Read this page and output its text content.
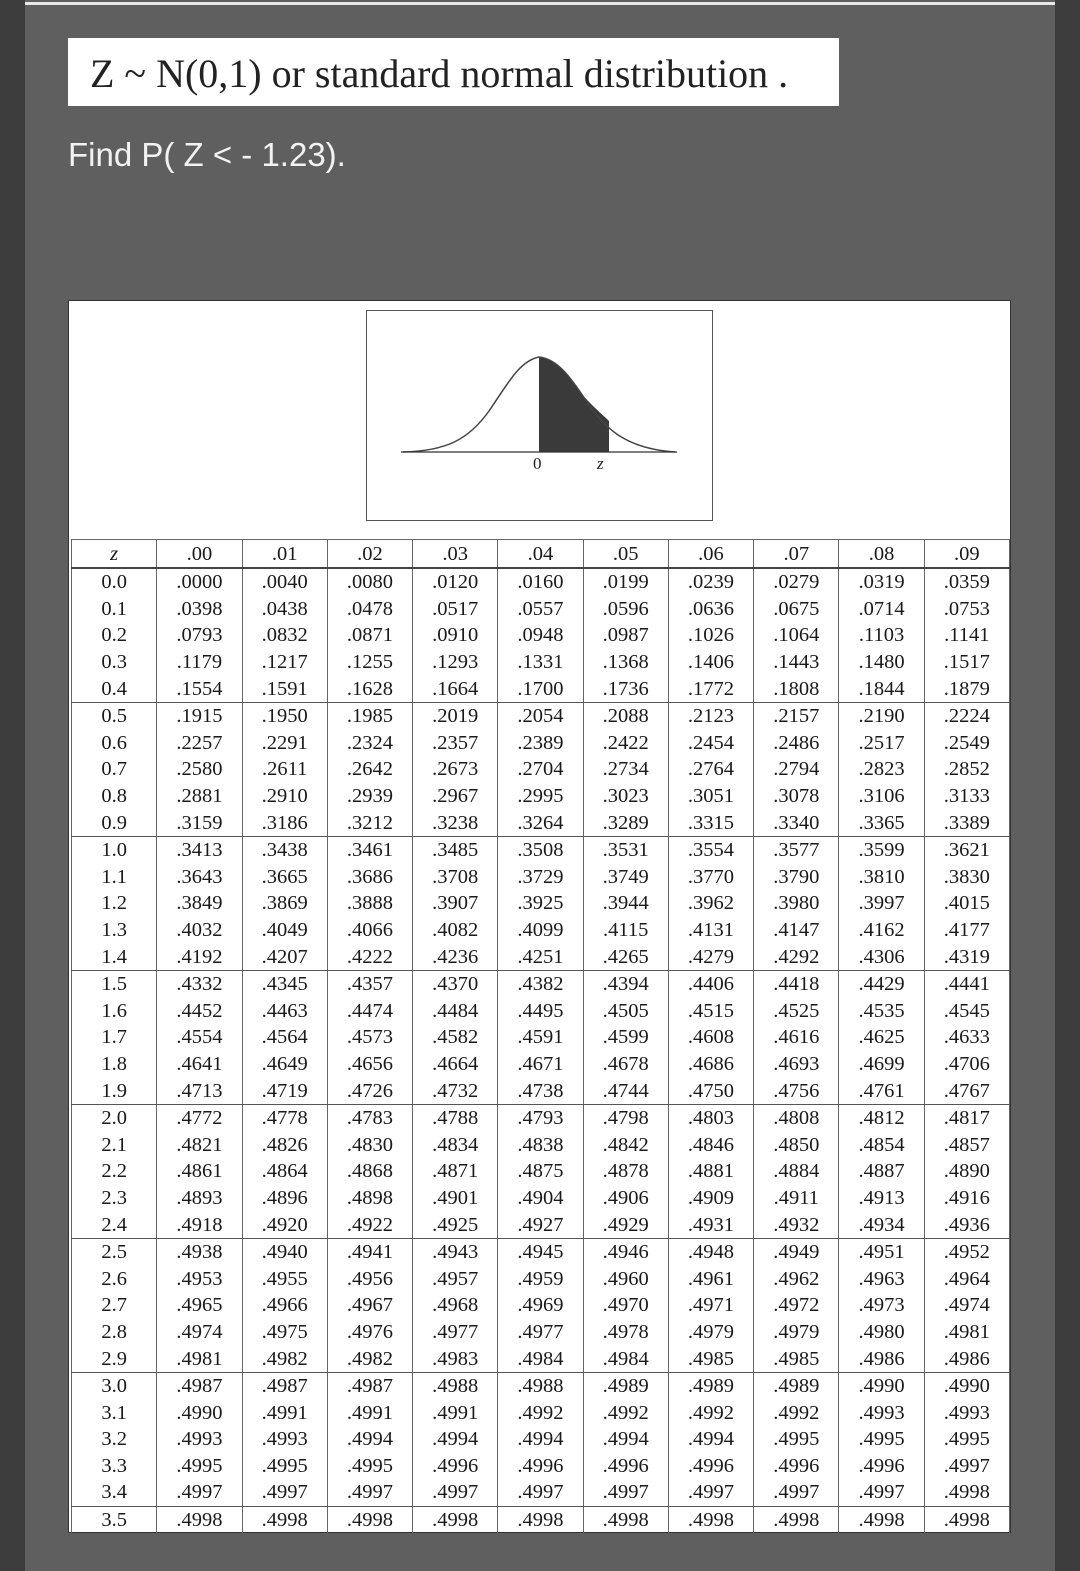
Z ~ N(0,1) or standard normal distribution .
Find P( Z < - 1.23).
0	z
z	.00	.01	.02	.03	.04	.05	.06	.07	.08	.09
0.0	.0000	.0040	.0080	.0120	.0160	.0199	.0239	.0279	.0319	.0359
0.1	.0398	.0438	.0478	.0517	.0557	.0596	.0636	.0675	.0714	.0753
0.2	.0793	.0832	.0871	.0910	.0948	.0987	.1026	.1064	.1103	.1141
0.3	.1179	.1217	.1255	.1293	.1331	.1368	.1406	.1443	.1480	.1517
0.4	.1554	.1591	.1628	.1664	.1700	.1736	.1772	.1808	.1844	.1879
0.5	.1915	.1950	.1985	.2019	.2054	.2088	.2123	.2157	.2190	.2224
0.6	.2257	.2291	.2324	.2357	.2389	.2422	.2454	.2486	.2517	.2549
0.7	.2580	.2611	.2642	.2673	.2704	.2734	.2764	.2794	.2823	.2852
0.8	.2881	.2910	.2939	.2967	.2995	.3023	.3051	.3078	.3106	.3133
0.9	.3159	.3186	.3212	.3238	.3264	.3289	.3315	.3340	.3365	.3389
1.0	.3413	.3438	.3461	.3485	.3508	.3531	.3554	.3577	.3599	.3621
1.1	.3643	.3665	.3686	.3708	.3729	.3749	.3770	.3790	.3810	.3830
1.2	.3849	.3869	.3888	.3907	.3925	.3944	.3962	.3980	.3997	.4015
1.3	.4032	.4049	.4066	.4082	.4099	.4115	.4131	.4147	.4162	.4177
1.4	.4192	.4207	.4222	.4236	.4251	.4265	.4279	.4292	.4306	.4319
1.5	.4332	.4345	.4357	.4370	.4382	.4394	.4406	.4418	.4429	.4441
1.6	.4452	.4463	.4474	.4484	.4495	.4505	.4515	.4525	.4535	.4545
1.7	.4554	.4564	.4573	.4582	.4591	.4599	.4608	.4616	.4625	.4633
1.8	.4641	.4649	.4656	.4664	.4671	.4678	.4686	.4693	.4699	.4706
1.9	.4713	.4719	.4726	.4732	.4738	.4744	.4750	.4756	.4761	.4767
2.0	.4772	.4778	.4783	.4788	.4793	.4798	.4803	.4808	.4812	.4817
2.1	.4821	.4826	.4830	.4834	.4838	.4842	.4846	.4850	.4854	.4857
2.2	.4861	.4864	.4868	.4871	.4875	.4878	.4881	.4884	.4887	.4890
2.3	.4893	.4896	.4898	.4901	.4904	.4906	.4909	.4911	.4913	.4916
2.4	.4918	.4920	.4922	.4925	.4927	.4929	.4931	.4932	.4934	.4936
2.5	.4938	.4940	.4941	.4943	.4945	.4946	.4948	.4949	.4951	.4952
2.6	.4953	.4955	.4956	.4957	.4959	.4960	.4961	.4962	.4963	.4964
2.7	.4965	.4966	.4967	.4968	.4969	.4970	.4971	.4972	.4973	.4974
2.8	.4974	.4975	.4976	.4977	.4977	.4978	.4979	.4979	.4980	.4981
2.9	.4981	.4982	.4982	.4983	.4984	.4984	.4985	.4985	.4986	.4986
3.0	.4987	.4987	.4987	.4988	.4988	.4989	.4989	.4989	.4990	.4990
3.1	.4990	.4991	.4991	.4991	.4992	.4992	.4992	.4992	.4993	.4993
3.2	.4993	.4993	.4994	.4994	.4994	.4994	.4994	.4995	.4995	.4995
3.3	.4995	.4995	.4995	.4996	.4996	.4996	.4996	.4996	.4996	.4997
3.4	.4997	.4997	.4997	.4997	.4997	.4997	.4997	.4997	.4997	.4998
3.5	.4998	.4998	.4998	.4998	.4998	.4998	.4998	.4998	.4998	.4998
